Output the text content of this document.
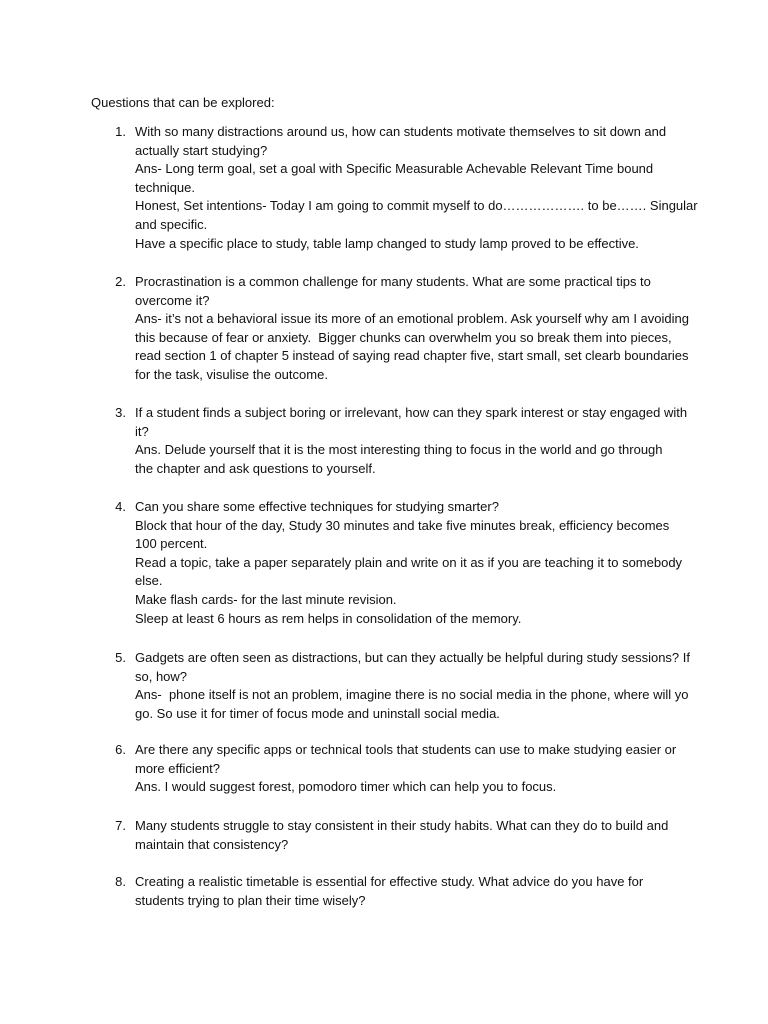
Questions that can be explored:
1. With so many distractions around us, how can students motivate themselves to sit down and
actually start studying?
Ans- Long term goal, set a goal with Specific Measurable Achevable Relevant Time bound
technique.
Honest, Set intentions- Today I am going to commit myself to do………………. to be……. Singular
and specific.
Have a specific place to study, table lamp changed to study lamp proved to be effective.
2. Procrastination is a common challenge for many students. What are some practical tips to
overcome it?
Ans- it’s not a behavioral issue its more of an emotional problem. Ask yourself why am I avoiding
this because of fear or anxiety.  Bigger chunks can overwhelm you so break them into pieces,
read section 1 of chapter 5 instead of saying read chapter five, start small, set clearb boundaries
for the task, visulise the outcome.
3. If a student finds a subject boring or irrelevant, how can they spark interest or stay engaged with
it?
Ans. Delude yourself that it is the most interesting thing to focus in the world and go through
the chapter and ask questions to yourself.
4. Can you share some effective techniques for studying smarter?
Block that hour of the day, Study 30 minutes and take five minutes break, efficiency becomes
100 percent.
Read a topic, take a paper separately plain and write on it as if you are teaching it to somebody
else.
Make flash cards- for the last minute revision.
Sleep at least 6 hours as rem helps in consolidation of the memory.
5. Gadgets are often seen as distractions, but can they actually be helpful during study sessions? If
so, how?
Ans-  phone itself is not an problem, imagine there is no social media in the phone, where will yo
go. So use it for timer of focus mode and uninstall social media.
6. Are there any specific apps or technical tools that students can use to make studying easier or
more efficient?
Ans. I would suggest forest, pomodoro timer which can help you to focus.
7. Many students struggle to stay consistent in their study habits. What can they do to build and
maintain that consistency?
8. Creating a realistic timetable is essential for effective study. What advice do you have for
students trying to plan their time wisely?
